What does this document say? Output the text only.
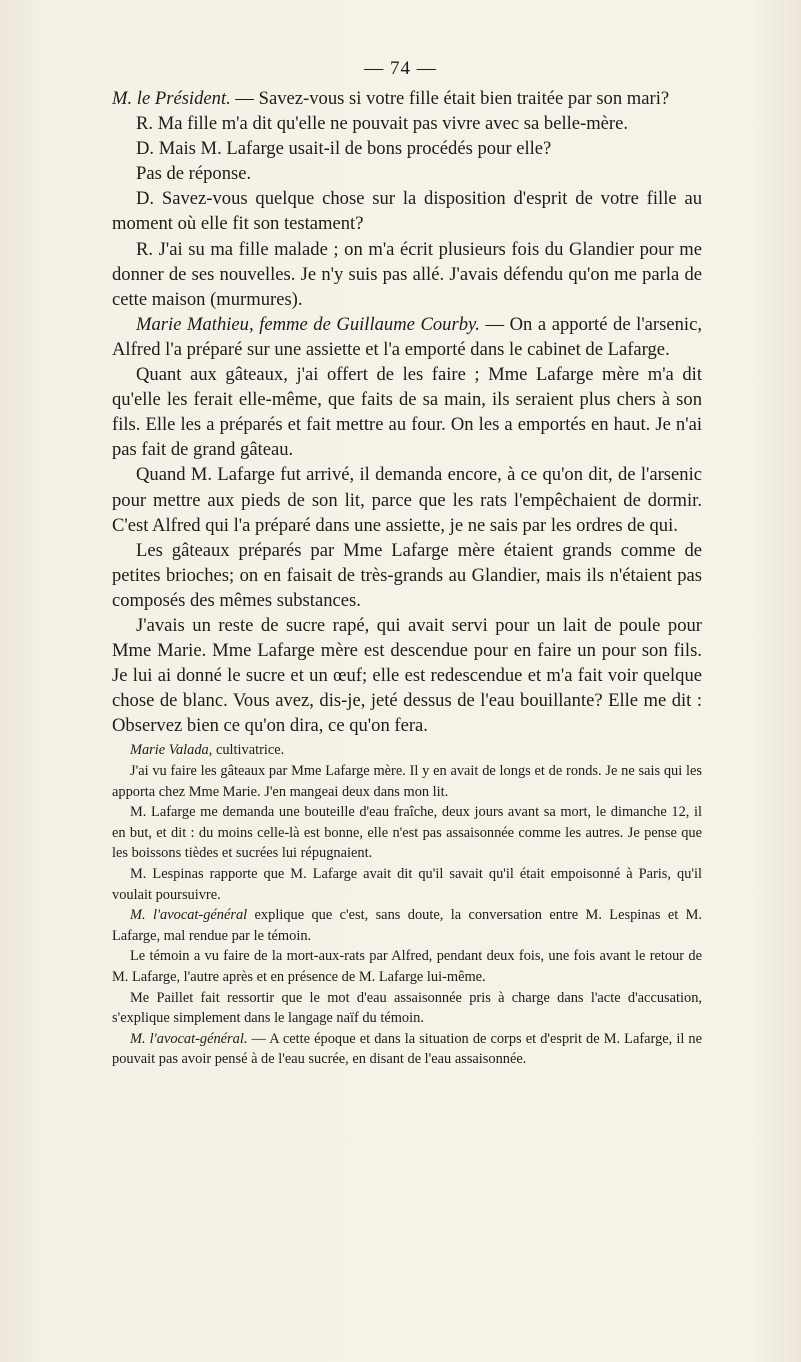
— 74 —

M. le Président. — Savez-vous si votre fille était bien traitée par son mari?

R. Ma fille m'a dit qu'elle ne pouvait pas vivre avec sa belle-mère.

D. Mais M. Lafarge usait-il de bons procédés pour elle?

Pas de réponse.

D. Savez-vous quelque chose sur la disposition d'esprit de votre fille au moment où elle fit son testament?

R. J'ai su ma fille malade ; on m'a écrit plusieurs fois du Glandier pour me donner de ses nouvelles. Je n'y suis pas allé. J'avais défendu qu'on me parla de cette maison (murmures).

Marie Mathieu, femme de Guillaume Courby. — On a apporté de l'arsenic, Alfred l'a préparé sur une assiette et l'a emporté dans le cabinet de Lafarge.

Quant aux gâteaux, j'ai offert de les faire ; Mme Lafarge mère m'a dit qu'elle les ferait elle-même, que faits de sa main, ils seraient plus chers à son fils. Elle les a préparés et fait mettre au four. On les a emportés en haut. Je n'ai pas fait de grand gâteau.

Quand M. Lafarge fut arrivé, il demanda encore, à ce qu'on dit, de l'arsenic pour mettre aux pieds de son lit, parce que les rats l'empêchaient de dormir. C'est Alfred qui l'a préparé dans une assiette, je ne sais par les ordres de qui.

Les gâteaux préparés par Mme Lafarge mère étaient grands comme de petites brioches; on en faisait de très-grands au Glandier, mais ils n'étaient pas composés des mêmes substances.

J'avais un reste de sucre rapé, qui avait servi pour un lait de poule pour Mme Marie. Mme Lafarge mère est descendue pour en faire un pour son fils. Je lui ai donné le sucre et un œuf; elle est redescendue et m'a fait voir quelque chose de blanc. Vous avez, dis-je, jeté dessus de l'eau bouillante? Elle me dit : Observez bien ce qu'on dira, ce qu'on fera.

Marie Valada, cultivatrice.

J'ai vu faire les gâteaux par Mme Lafarge mère. Il y en avait de longs et de ronds. Je ne sais qui les apporta chez Mme Marie. J'en mangeai deux dans mon lit.

M. Lafarge me demanda une bouteille d'eau fraîche, deux jours avant sa mort, le dimanche 12, il en but, et dit : du moins celle-là est bonne, elle n'est pas assaisonnée comme les autres. Je pense que les boissons tièdes et sucrées lui répugnaient.

M. Lespinas rapporte que M. Lafarge avait dit qu'il savait qu'il était empoisonné à Paris, qu'il voulait poursuivre.

M. l'avocat-général explique que c'est, sans doute, la conversation entre M. Lespinas et M. Lafarge, mal rendue par le témoin.

Le témoin a vu faire de la mort-aux-rats par Alfred, pendant deux fois, une fois avant le retour de M. Lafarge, l'autre après et en présence de M. Lafarge lui-même.

Me Paillet fait ressortir que le mot d'eau assaisonnée pris à charge dans l'acte d'accusation, s'explique simplement dans le langage naïf du témoin.

M. l'avocat-général. — A cette époque et dans la situation de corps et d'esprit de M. Lafarge, il ne pouvait pas avoir pensé à de l'eau sucrée, en disant de l'eau assaisonnée.
